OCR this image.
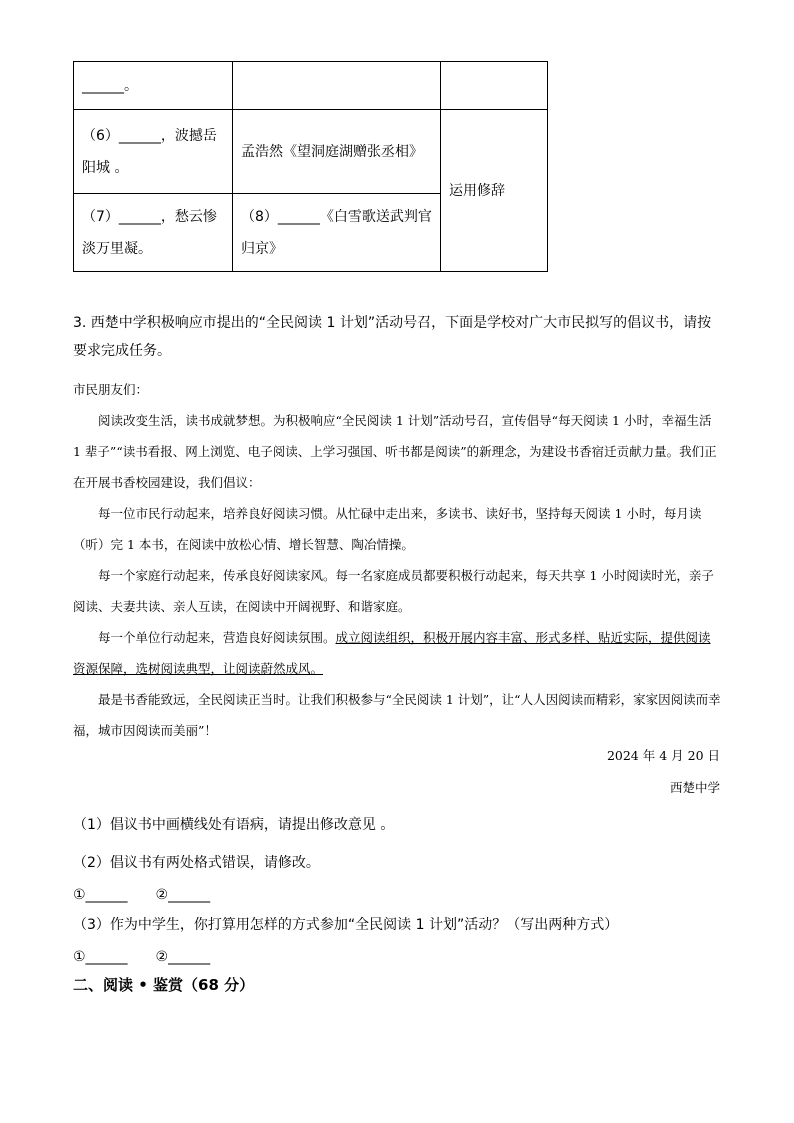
______。		
（6）______，波撼岳阳城 。	孟浩然《望洞庭湖赠张丞相》	运用修辞
（7）______，愁云惨淡万里凝。	（8）______《白雪歌送武判官归京》	
3. 西楚中学积极响应市提出的“全民阅读 1 计划”活动号召，下面是学校对广大市民拟写的倡议书，请按要求完成任务。

市民朋友们：

阅读改变生活，读书成就梦想。为积极响应“全民阅读 1 计划”活动号召，宣传倡导“每天阅读 1 小时，幸福生活 1 辈子”“读书看报、网上浏览、电子阅读、上学习强国、听书都是阅读”的新理念，为建设书香宿迁贡献力量。我们正在开展书香校园建设，我们倡议：

每一位市民行动起来，培养良好阅读习惯。从忙碌中走出来，多读书、读好书，坚持每天阅读 1 小时，每月读（听）完 1 本书，在阅读中放松心情、增长智慧、陶冶情操。

每一个家庭行动起来，传承良好阅读家风。每一名家庭成员都要积极行动起来，每天共享 1 小时阅读时光，亲子阅读、夫妻共读、亲人互读，在阅读中开阔视野、和谐家庭。

每一个单位行动起来，营造良好阅读氛围。成立阅读组织，积极开展内容丰富、形式多样、贴近实际，提供阅读资源保障，选树阅读典型，让阅读蔚然成风。

最是书香能致远，全民阅读正当时。让我们积极参与“全民阅读 1 计划”，让“人人因阅读而精彩，家家因阅读而幸福，城市因阅读而美丽”！

2024 年 4 月 20 日
西楚中学
（1）倡议书中画横线处有语病，请提出修改意见 。
（2）倡议书有两处格式错误，请修改。
①______　　②______
（3）作为中学生，你打算用怎样的方式参加“全民阅读 1 计划”活动？（写出两种方式）
①______　　②______
二、阅读 • 鉴赏（68 分）
